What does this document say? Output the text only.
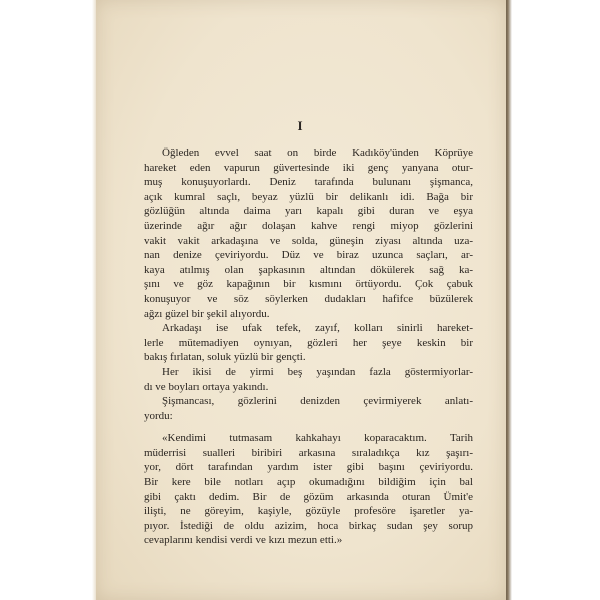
I
Öğleden evvel saat on birde Kadıköy'ünden Köprüye
hareket eden vapurun güvertesinde iki genç yanyana otur-
muş konuşuyorlardı. Deniz tarafında bulunanı şişmanca,
açık kumral saçlı, beyaz yüzlü bir delikanlı idi. Bağa bir
gözlüğün altında daima yarı kapalı gibi duran ve eşya
üzerinde ağır ağır dolaşan kahve rengi miyop gözlerini
vakit vakit arkadaşına ve solda, güneşin ziyası altında uza-
nan denize çeviriyordu. Düz ve biraz uzunca saçları, ar-
kaya atılmış olan şapkasının altından dökülerek sağ ka-
şını ve göz kapağının bir kısmını örtüyordu. Çok çabuk
konuşuyor ve söz söylerken dudakları hafifce büzülerek
ağzı güzel bir şekil alıyordu.
Arkadaşı ise ufak tefek, zayıf, kolları sinirli hareket-
lerle mütemadiyen oynıyan, gözleri her şeye keskin bir
bakış fırlatan, soluk yüzlü bir gençti.
Her ikisi de yirmi beş yaşından fazla göstermiyorlar-
dı ve boyları ortaya yakındı.
Şişmancası, gözlerini denizden çevirmiyerek anlatı-
yordu:
«Kendimi tutmasam kahkahayı koparacaktım. Tarih
müderrisi sualleri biribiri arkasına sıraladıkça kız şaşırı-
yor, dört tarafından yardım ister gibi başını çeviriyordu.
Bir kere bile notları açıp okumadığını bildiğim için bal
gibi çaktı dedim. Bir de gözüm arkasında oturan Ümit'e
ilişti, ne göreyim, kaşiyle, gözüyle profesöre işaretler ya-
pıyor. İstediği de oldu azizim, hoca birkaç sudan şey sorup
cevaplarını kendisi verdi ve kızı mezun etti.»
